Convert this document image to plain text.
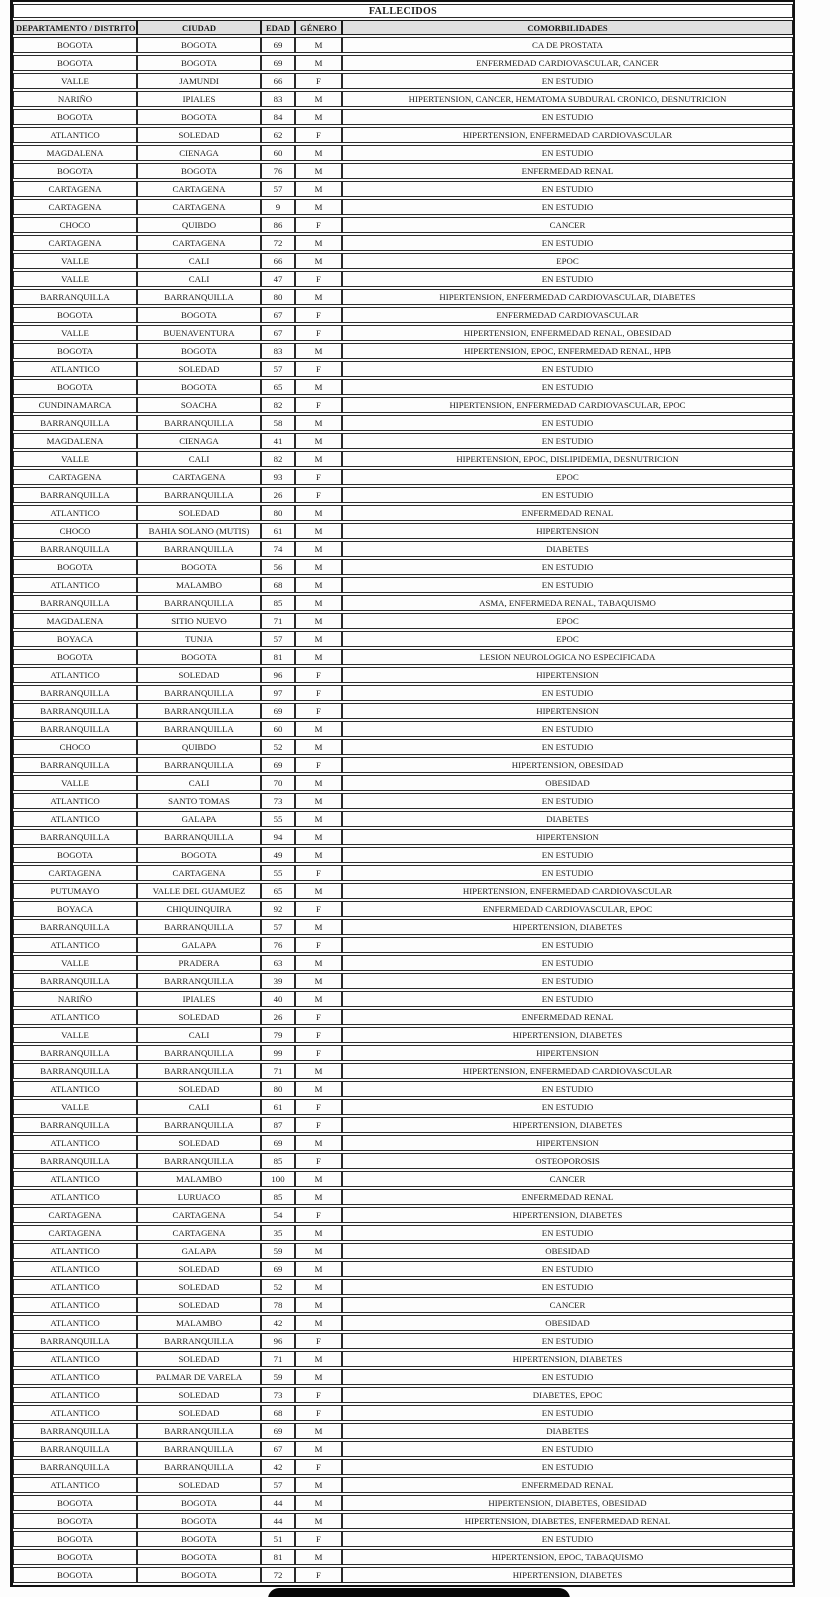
FALLECIDOS				
DEPARTAMENTO / DISTRITO	CIUDAD	EDAD	GÉNERO	COMORBILIDADES
BOGOTA	BOGOTA	69	M	CA DE PROSTATA
BOGOTA	BOGOTA	69	M	ENFERMEDAD CARDIOVASCULAR, CANCER
VALLE	JAMUNDI	66	F	EN ESTUDIO
NARIÑO	IPIALES	83	M	HIPERTENSION, CANCER, HEMATOMA SUBDURAL CRONICO, DESNUTRICION
BOGOTA	BOGOTA	84	M	EN ESTUDIO
ATLANTICO	SOLEDAD	62	F	HIPERTENSION, ENFERMEDAD CARDIOVASCULAR
MAGDALENA	CIENAGA	60	M	EN ESTUDIO
BOGOTA	BOGOTA	76	M	ENFERMEDAD RENAL
CARTAGENA	CARTAGENA	57	M	EN ESTUDIO
CARTAGENA	CARTAGENA	9	M	EN ESTUDIO
CHOCO	QUIBDO	86	F	CANCER
CARTAGENA	CARTAGENA	72	M	EN ESTUDIO
VALLE	CALI	66	M	EPOC
VALLE	CALI	47	F	EN ESTUDIO
BARRANQUILLA	BARRANQUILLA	80	M	HIPERTENSION, ENFERMEDAD CARDIOVASCULAR, DIABETES
BOGOTA	BOGOTA	67	F	ENFERMEDAD CARDIOVASCULAR
VALLE	BUENAVENTURA	67	F	HIPERTENSION, ENFERMEDAD RENAL, OBESIDAD
BOGOTA	BOGOTA	83	M	HIPERTENSION, EPOC, ENFERMEDAD RENAL, HPB
ATLANTICO	SOLEDAD	57	F	EN ESTUDIO
BOGOTA	BOGOTA	65	M	EN ESTUDIO
CUNDINAMARCA	SOACHA	82	F	HIPERTENSION, ENFERMEDAD CARDIOVASCULAR, EPOC
BARRANQUILLA	BARRANQUILLA	58	M	EN ESTUDIO
MAGDALENA	CIENAGA	41	M	EN ESTUDIO
VALLE	CALI	82	M	HIPERTENSION, EPOC, DISLIPIDEMIA, DESNUTRICION
CARTAGENA	CARTAGENA	93	F	EPOC
BARRANQUILLA	BARRANQUILLA	26	F	EN ESTUDIO
ATLANTICO	SOLEDAD	80	M	ENFERMEDAD RENAL
CHOCO	BAHIA SOLANO (MUTIS)	61	M	HIPERTENSION
BARRANQUILLA	BARRANQUILLA	74	M	DIABETES
BOGOTA	BOGOTA	56	M	EN ESTUDIO
ATLANTICO	MALAMBO	68	M	EN ESTUDIO
BARRANQUILLA	BARRANQUILLA	85	M	ASMA, ENFERMEDA RENAL, TABAQUISMO
MAGDALENA	SITIO NUEVO	71	M	EPOC
BOYACA	TUNJA	57	M	EPOC
BOGOTA	BOGOTA	81	M	LESION NEUROLOGICA NO ESPECIFICADA
ATLANTICO	SOLEDAD	96	F	HIPERTENSION
BARRANQUILLA	BARRANQUILLA	97	F	EN ESTUDIO
BARRANQUILLA	BARRANQUILLA	69	F	HIPERTENSION
BARRANQUILLA	BARRANQUILLA	60	M	EN ESTUDIO
CHOCO	QUIBDO	52	M	EN ESTUDIO
BARRANQUILLA	BARRANQUILLA	69	F	HIPERTENSION, OBESIDAD
VALLE	CALI	70	M	OBESIDAD
ATLANTICO	SANTO TOMAS	73	M	EN ESTUDIO
ATLANTICO	GALAPA	55	M	DIABETES
BARRANQUILLA	BARRANQUILLA	94	M	HIPERTENSION
BOGOTA	BOGOTA	49	M	EN ESTUDIO
CARTAGENA	CARTAGENA	55	F	EN ESTUDIO
PUTUMAYO	VALLE DEL GUAMUEZ	65	M	HIPERTENSION, ENFERMEDAD CARDIOVASCULAR
BOYACA	CHIQUINQUIRA	92	F	ENFERMEDAD CARDIOVASCULAR, EPOC
BARRANQUILLA	BARRANQUILLA	57	M	HIPERTENSION, DIABETES
ATLANTICO	GALAPA	76	F	EN ESTUDIO
VALLE	PRADERA	63	M	EN ESTUDIO
BARRANQUILLA	BARRANQUILLA	39	M	EN ESTUDIO
NARIÑO	IPIALES	40	M	EN ESTUDIO
ATLANTICO	SOLEDAD	26	F	ENFERMEDAD RENAL
VALLE	CALI	79	F	HIPERTENSION, DIABETES
BARRANQUILLA	BARRANQUILLA	99	F	HIPERTENSION
BARRANQUILLA	BARRANQUILLA	71	M	HIPERTENSION, ENFERMEDAD CARDIOVASCULAR
ATLANTICO	SOLEDAD	80	M	EN ESTUDIO
VALLE	CALI	61	F	EN ESTUDIO
BARRANQUILLA	BARRANQUILLA	87	F	HIPERTENSION, DIABETES
ATLANTICO	SOLEDAD	69	M	HIPERTENSION
BARRANQUILLA	BARRANQUILLA	85	F	OSTEOPOROSIS
ATLANTICO	MALAMBO	100	M	CANCER
ATLANTICO	LURUACO	85	M	ENFERMEDAD RENAL
CARTAGENA	CARTAGENA	54	F	HIPERTENSION, DIABETES
CARTAGENA	CARTAGENA	35	M	EN ESTUDIO
ATLANTICO	GALAPA	59	M	OBESIDAD
ATLANTICO	SOLEDAD	69	M	EN ESTUDIO
ATLANTICO	SOLEDAD	52	M	EN ESTUDIO
ATLANTICO	SOLEDAD	78	M	CANCER
ATLANTICO	MALAMBO	42	M	OBESIDAD
BARRANQUILLA	BARRANQUILLA	96	F	EN ESTUDIO
ATLANTICO	SOLEDAD	71	M	HIPERTENSION, DIABETES
ATLANTICO	PALMAR DE VARELA	59	M	EN ESTUDIO
ATLANTICO	SOLEDAD	73	F	DIABETES, EPOC
ATLANTICO	SOLEDAD	68	F	EN ESTUDIO
BARRANQUILLA	BARRANQUILLA	69	M	DIABETES
BARRANQUILLA	BARRANQUILLA	67	M	EN ESTUDIO
BARRANQUILLA	BARRANQUILLA	42	F	EN ESTUDIO
ATLANTICO	SOLEDAD	57	M	ENFERMEDAD RENAL
BOGOTA	BOGOTA	44	M	HIPERTENSION, DIABETES, OBESIDAD
BOGOTA	BOGOTA	44	M	HIPERTENSION, DIABETES, ENFERMEDAD RENAL
BOGOTA	BOGOTA	51	F	EN ESTUDIO
BOGOTA	BOGOTA	81	M	HIPERTENSION, EPOC, TABAQUISMO
BOGOTA	BOGOTA	72	F	HIPERTENSION, DIABETES
